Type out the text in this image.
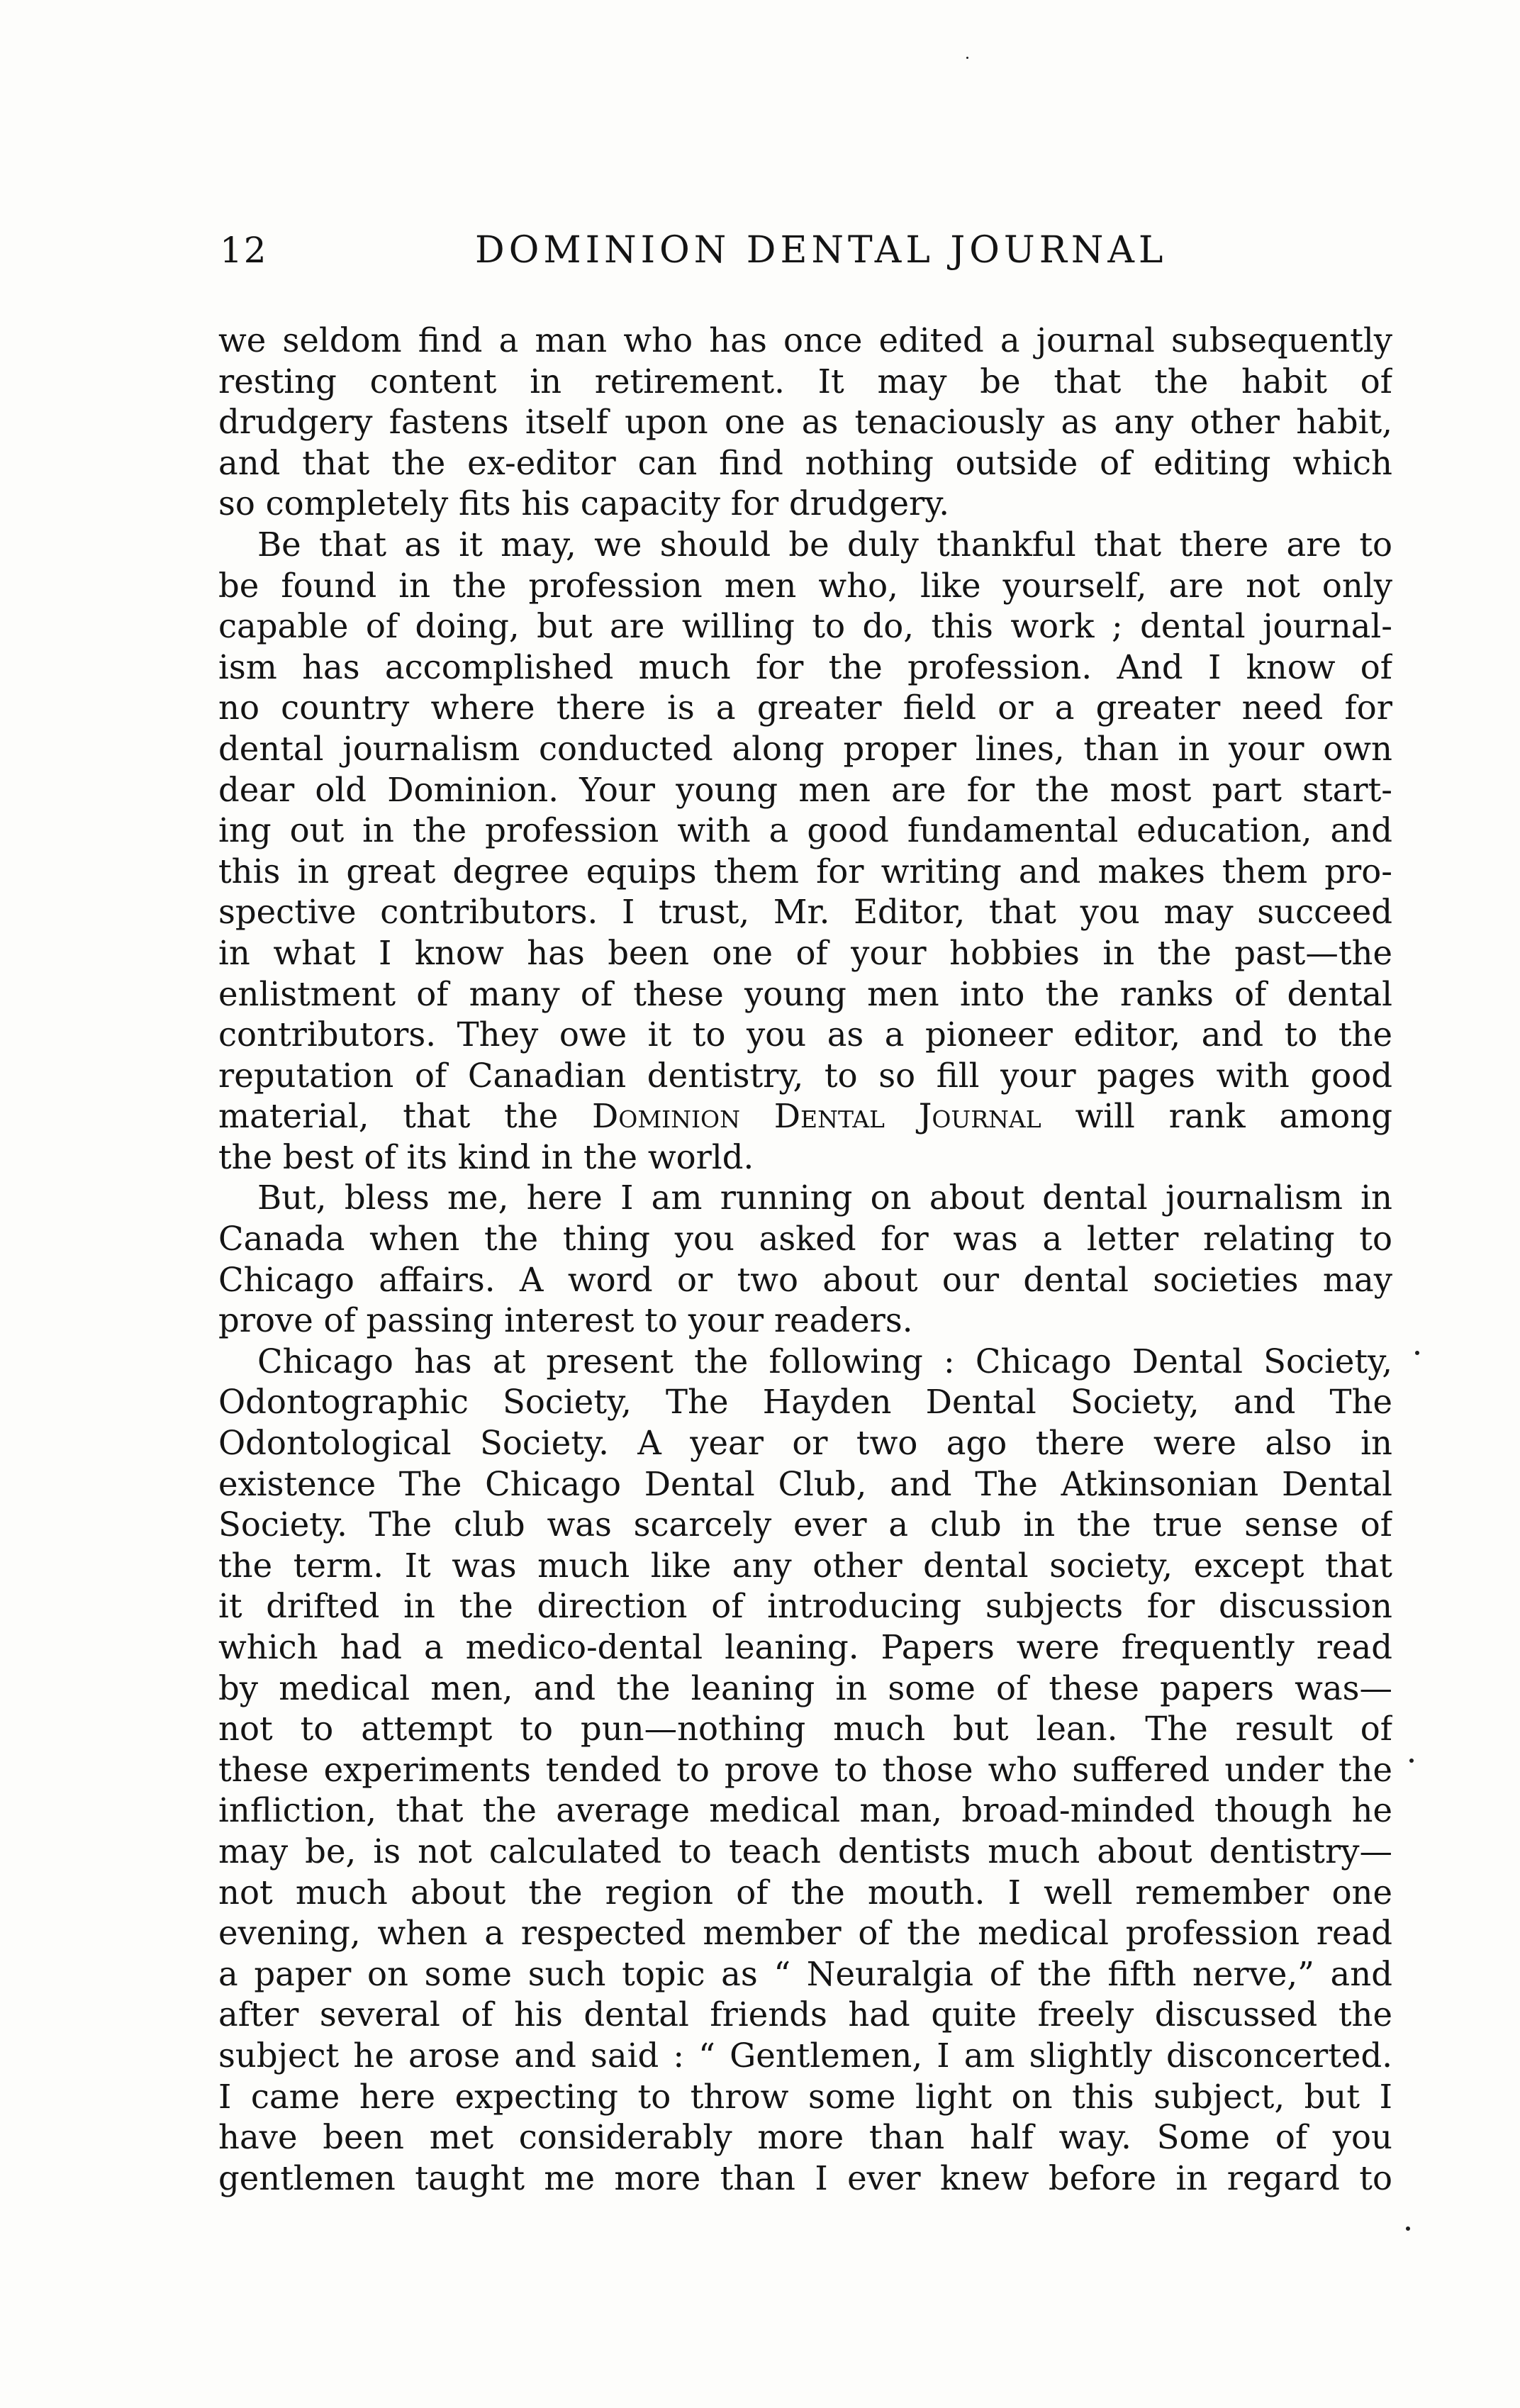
12	DOMINION DENTAL JOURNAL
we seldom find a man who has once edited a journal subsequently
resting content in retirement. It may be that the habit of
drudgery fastens itself upon one as tenaciously as any other habit,
and that the ex-editor can find nothing outside of editing which
so completely fits his capacity for drudgery.
Be that as it may, we should be duly thankful that there are to
be found in the profession men who, like yourself, are not only
capable of doing, but are willing to do, this work ; dental journal-
ism has accomplished much for the profession. And I know of
no country where there is a greater field or a greater need for
dental journalism conducted along proper lines, than in your own
dear old Dominion. Your young men are for the most part start-
ing out in the profession with a good fundamental education, and
this in great degree equips them for writing and makes them pro-
spective contributors. I trust, Mr. Editor, that you may succeed
in what I know has been one of your hobbies in the past—the
enlistment of many of these young men into the ranks of dental
contributors. They owe it to you as a pioneer editor, and to the
reputation of Canadian dentistry, to so fill your pages with good
material, that the Dominion Dental Journal will rank among
the best of its kind in the world.
But, bless me, here I am running on about dental journalism in
Canada when the thing you asked for was a letter relating to
Chicago affairs. A word or two about our dental societies may
prove of passing interest to your readers.
Chicago has at present the following : Chicago Dental Society,
Odontographic Society, The Hayden Dental Society, and The
Odontological Society. A year or two ago there were also in
existence The Chicago Dental Club, and The Atkinsonian Dental
Society. The club was scarcely ever a club in the true sense of
the term. It was much like any other dental society, except that
it drifted in the direction of introducing subjects for discussion
which had a medico-dental leaning. Papers were frequently read
by medical men, and the leaning in some of these papers was—
not to attempt to pun—nothing much but lean. The result of
these experiments tended to prove to those who suffered under the
infliction, that the average medical man, broad-minded though he
may be, is not calculated to teach dentists much about dentistry—
not much about the region of the mouth. I well remember one
evening, when a respected member of the medical profession read
a paper on some such topic as “ Neuralgia of the fifth nerve,” and
after several of his dental friends had quite freely discussed the
subject he arose and said : “ Gentlemen, I am slightly disconcerted.
I came here expecting to throw some light on this subject, but I
have been met considerably more than half way. Some of you
gentlemen taught me more than I ever knew before in regard to
